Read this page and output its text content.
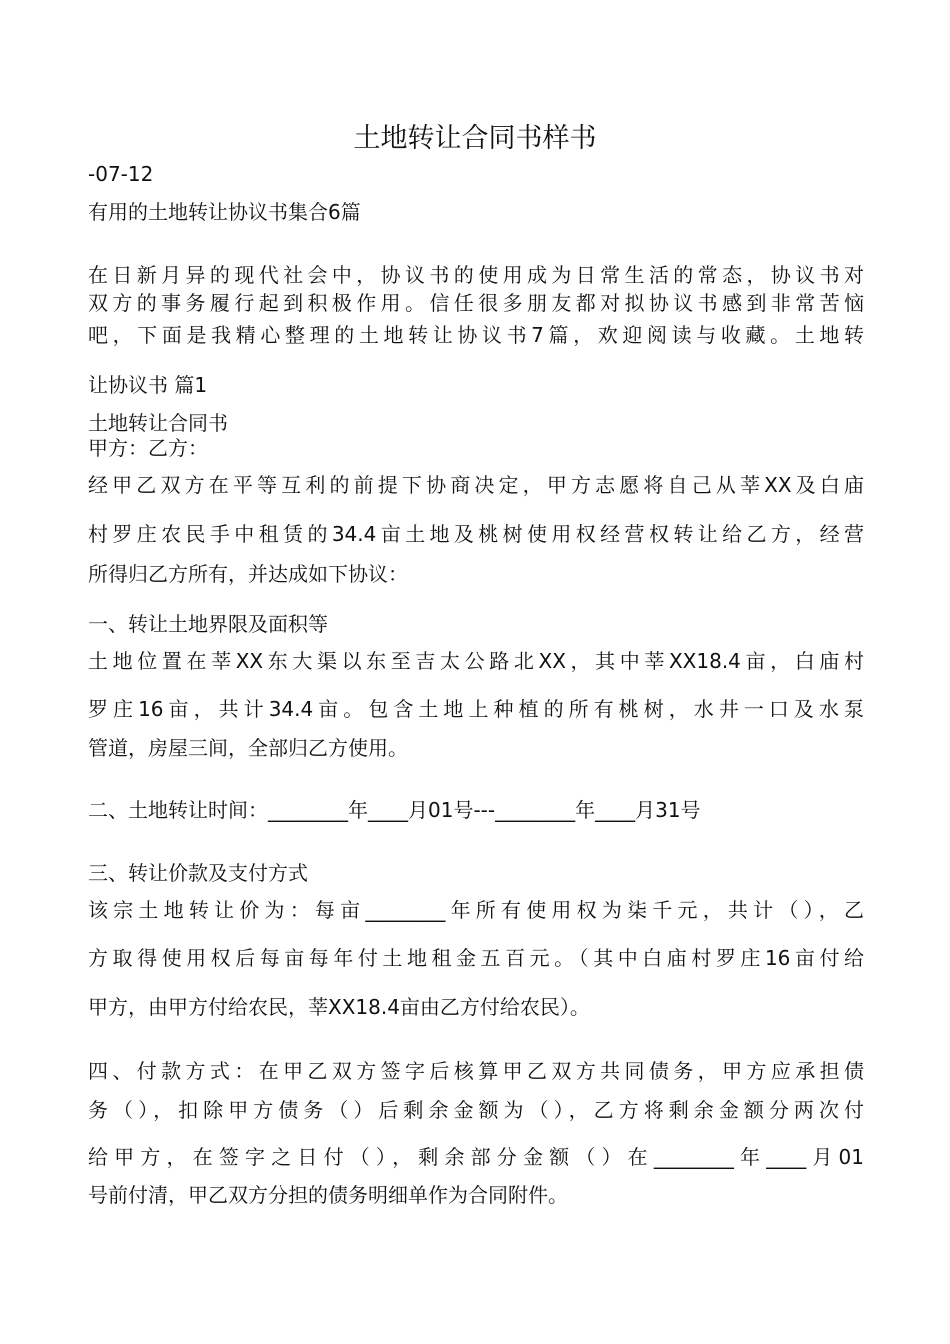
土地转让合同书样书
-07-12
有用的土地转让协议书集合6篇
在日新月异的现代社会中，协议书的使用成为日常生活的常态，协议书对
双方的事务履行起到积极作用。信任很多朋友都对拟协议书感到非常苦恼
吧，下面是我精心整理的土地转让协议书7篇，欢迎阅读与收藏。土地转
让协议书 篇1
土地转让合同书
甲方：乙方：
经甲乙双方在平等互利的前提下协商决定，甲方志愿将自己从莘XX及白庙
村罗庄农民手中租赁的34.4亩土地及桃树使用权经营权转让给乙方，经营
所得归乙方所有，并达成如下协议：
一、转让土地界限及面积等
土地位置在莘XX东大渠以东至吉太公路北XX，其中莘XX18.4亩，白庙村
罗庄16亩，共计34.4亩。包含土地上种植的所有桃树，水井一口及水泵
管道，房屋三间，全部归乙方使用。
二、土地转让时间：________年____月01号---________年____月31号
三、转让价款及支付方式
该宗土地转让价为：每亩________年所有使用权为柒千元，共计（），乙
方取得使用权后每亩每年付土地租金五百元。（其中白庙村罗庄16亩付给
甲方，由甲方付给农民，莘XX18.4亩由乙方付给农民）。
四、付款方式：在甲乙双方签字后核算甲乙双方共同债务，甲方应承担债
务（），扣除甲方债务（）后剩余金额为（），乙方将剩余金额分两次付
给甲方，在签字之日付（），剩余部分金额（）在________年____月01
号前付清，甲乙双方分担的债务明细单作为合同附件。
